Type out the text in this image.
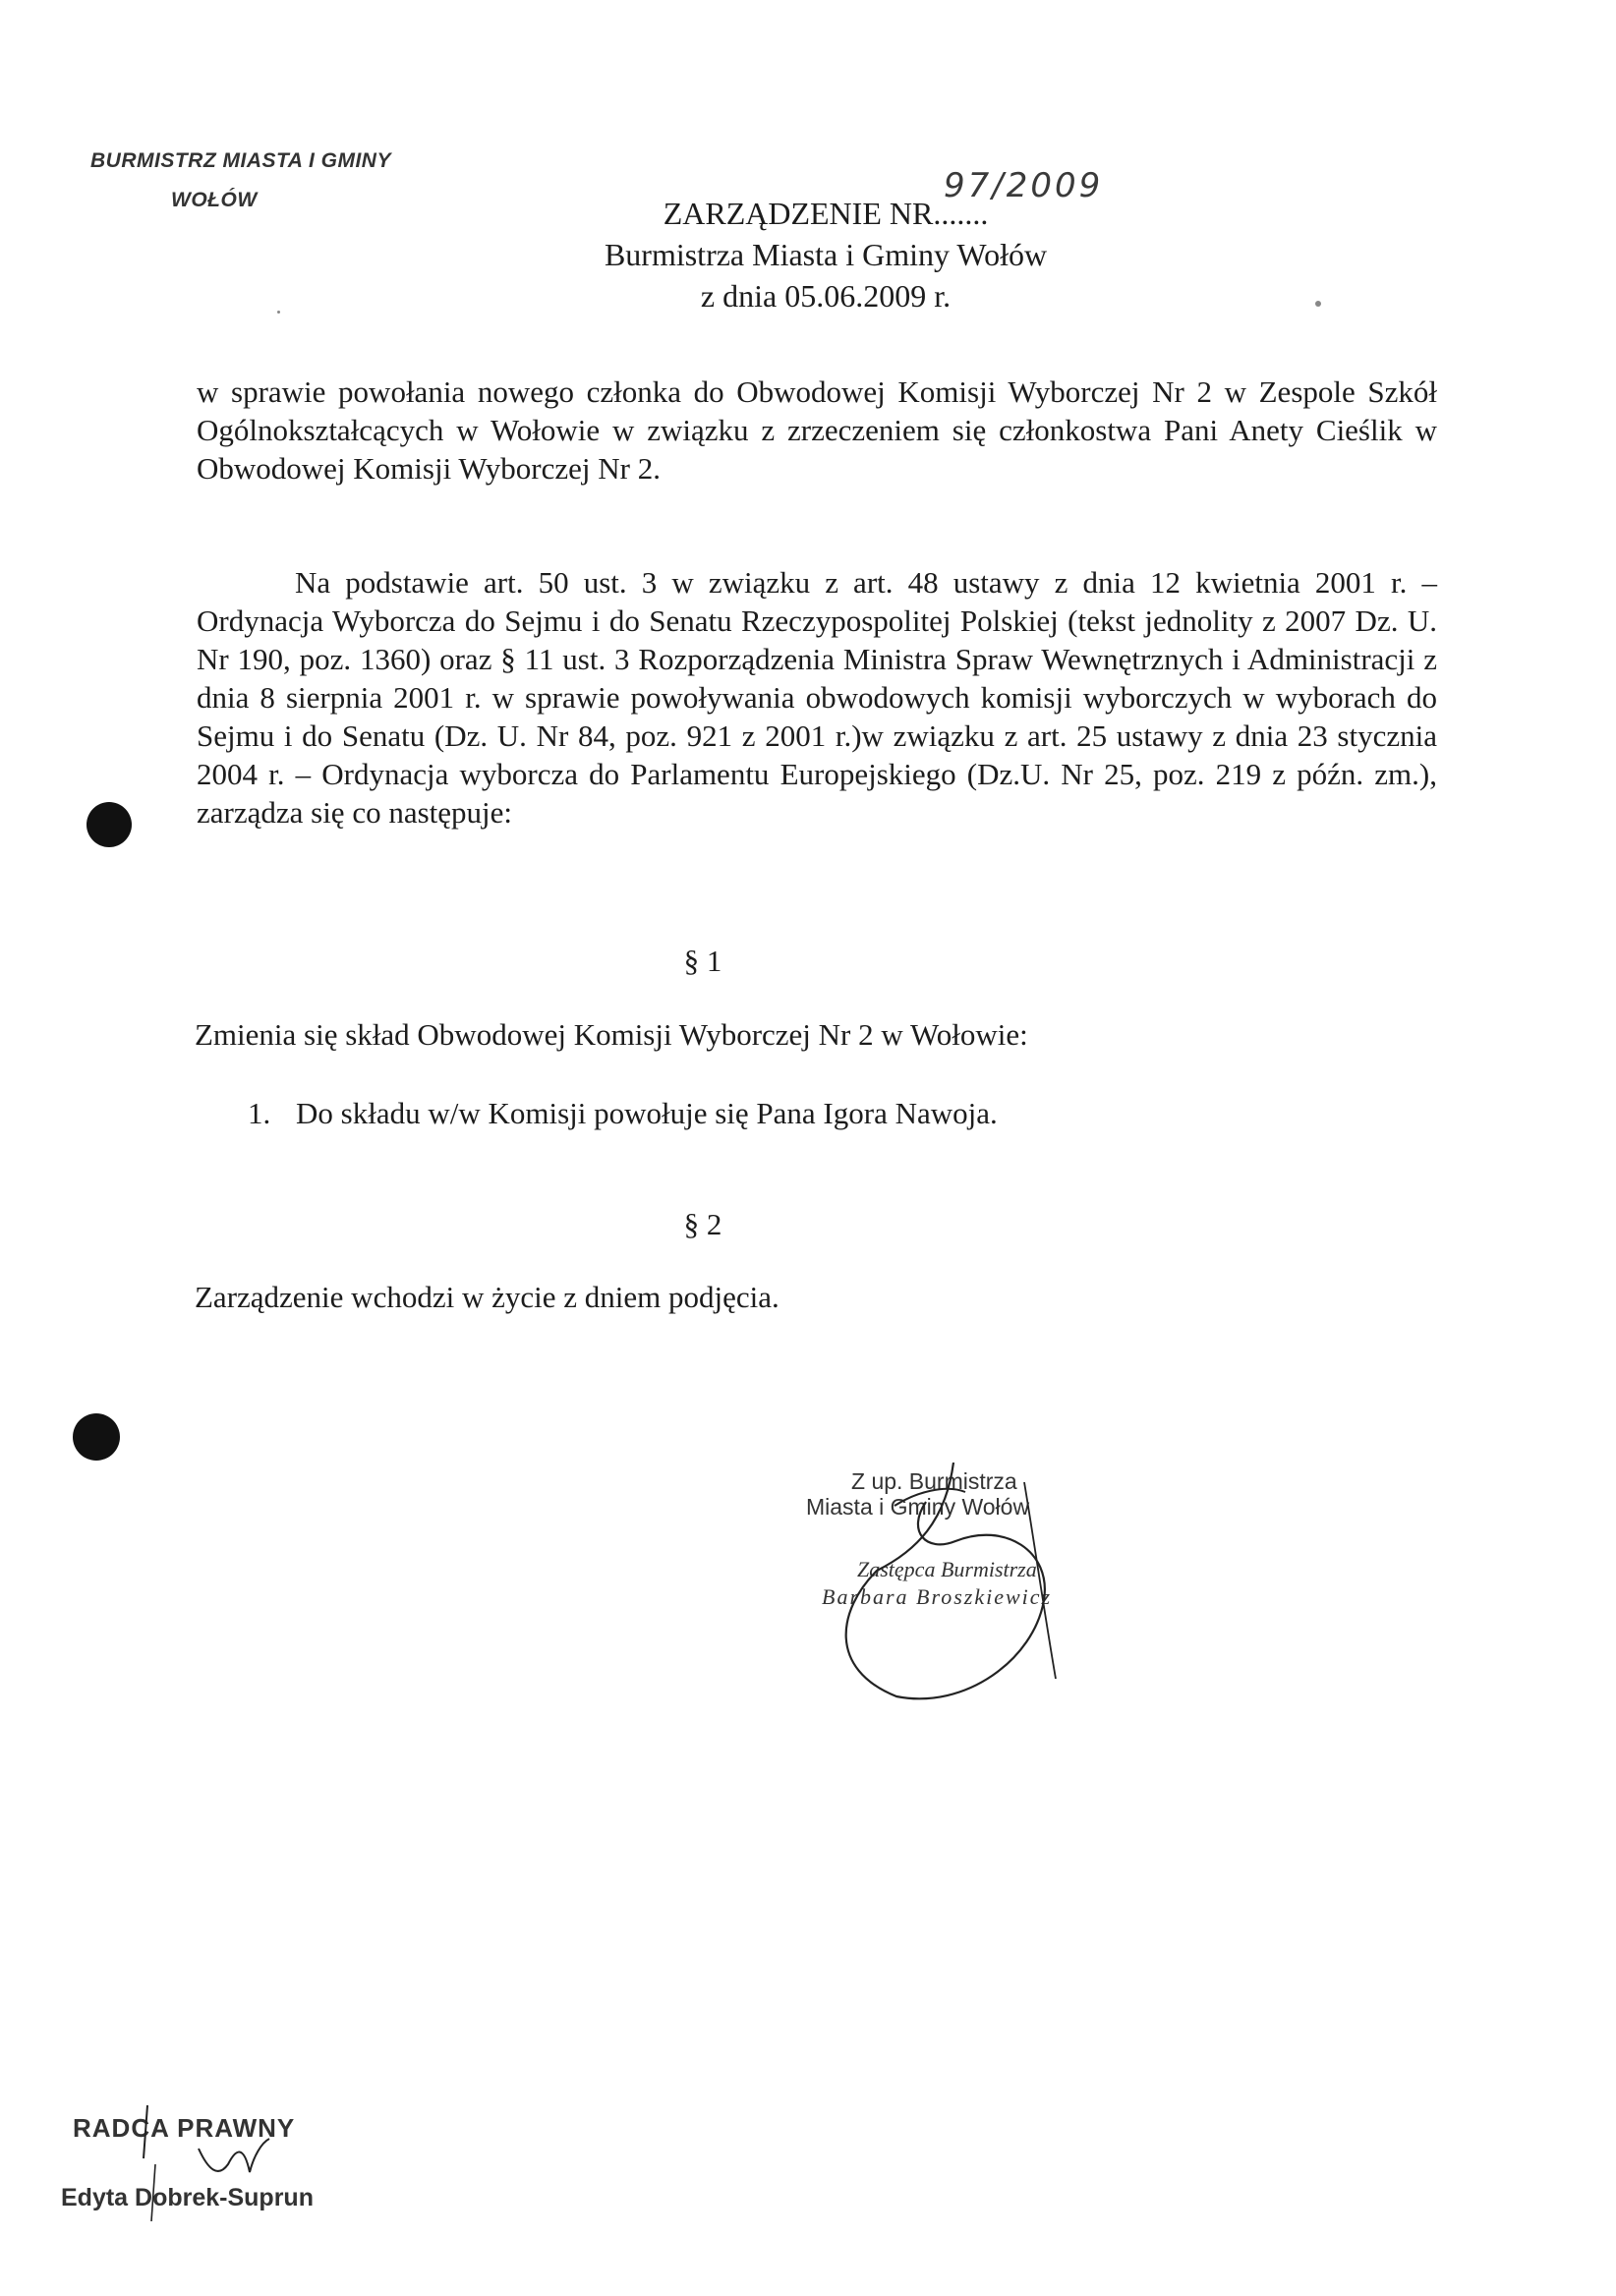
BURMISTRZ MIASTA I GMINY
WOŁÓW	ZARZĄDZENIE NR.......
97/2009
Burmistrza Miasta i Gminy Wołów
z dnia 05.06.2009 r.
w sprawie powołania nowego członka do Obwodowej Komisji Wyborczej Nr 2 w Zespole Szkół Ogólnokształcących w Wołowie w związku z zrzeczeniem się członkostwa Pani Anety Cieślik w Obwodowej Komisji Wyborczej Nr 2.
Na podstawie art. 50 ust. 3 w związku z art. 48 ustawy z dnia 12 kwietnia 2001 r. – Ordynacja Wyborcza do Sejmu i do Senatu Rzeczypospolitej Polskiej (tekst jednolity z 2007 Dz. U. Nr 190, poz. 1360) oraz § 11 ust. 3 Rozporządzenia Ministra Spraw Wewnętrznych i Administracji z dnia 8 sierpnia 2001 r. w sprawie powoływania obwodowych komisji wyborczych w wyborach do Sejmu i do Senatu (Dz. U. Nr 84, poz. 921 z 2001 r.)w związku z art. 25 ustawy z dnia 23 stycznia 2004 r. – Ordynacja wyborcza do Parlamentu Europejskiego (Dz.U. Nr 25, poz. 219 z późn. zm.), zarządza się co następuje:
§ 1
Zmienia się skład Obwodowej Komisji Wyborczej Nr 2 w Wołowie:
1. Do składu w/w Komisji powołuje się Pana Igora Nawoja.
§ 2
Zarządzenie wchodzi w życie z dniem podjęcia.
Z up. Burmistrza
Miasta i Gminy Wołów
Zastępca Burmistrza
Barbara Broszkiewicz
RADCA PRAWNY
Edyta Dobrek-Suprun
